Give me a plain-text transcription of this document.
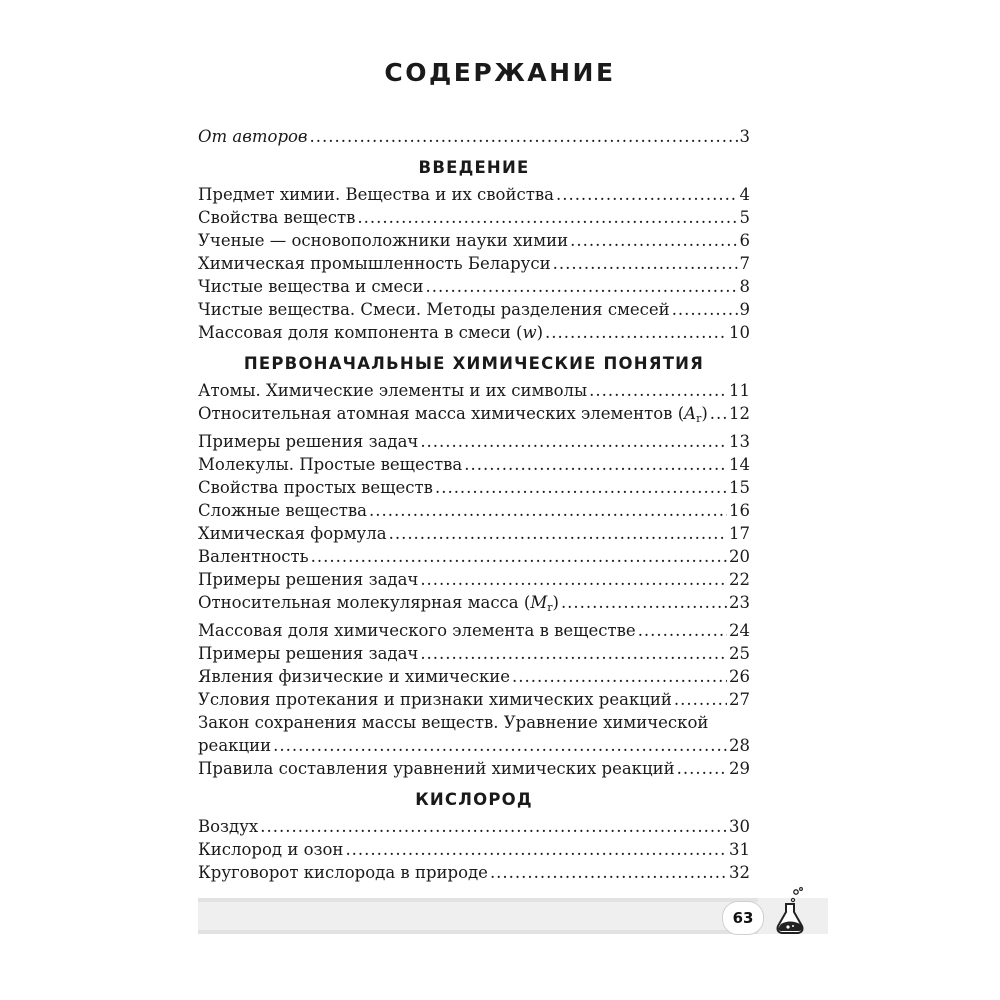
СОДЕРЖАНИЕ
От авторов .....	3
ВВЕДЕНИЕ
Предмет химии. Вещества и их свойства .....	4
Свойства веществ .....	5
Ученые — основоположники науки химии .....	6
Химическая промышленность Беларуси .....	7
Чистые вещества и смеси .....	8
Чистые вещества. Смеси. Методы разделения смесей .....	9
Массовая доля компонента в смеси (w) .....	10
ПЕРВОНАЧАЛЬНЫЕ ХИМИЧЕСКИЕ ПОНЯТИЯ
Атомы. Химические элементы и их символы .....	11
Относительная атомная масса химических элементов $(A_r)$ ..... 12
Примеры решения задач .....	13
Молекулы. Простые вещества .....	14
Свойства простых веществ .....	15
Сложные вещества .....	16
Химическая формула .....	17
Валентность .....	20
Примеры решения задач .....	22
Относительная молекулярная масса $(M_r)$ .....	23
Массовая доля химического элемента в веществе .....	24
Примеры решения задач .....	25
Явления физические и химические .....	26
Условия протекания и признаки химических реакций .....	27
Закон сохранения массы веществ. Уравнение химической
реакции .....	28
Правила составления уравнений химических реакций .....	29
КИСЛОРОД
Воздух .....	30
Кислород и озон .....	31
Круговорот кислорода в природе .....	32
63
